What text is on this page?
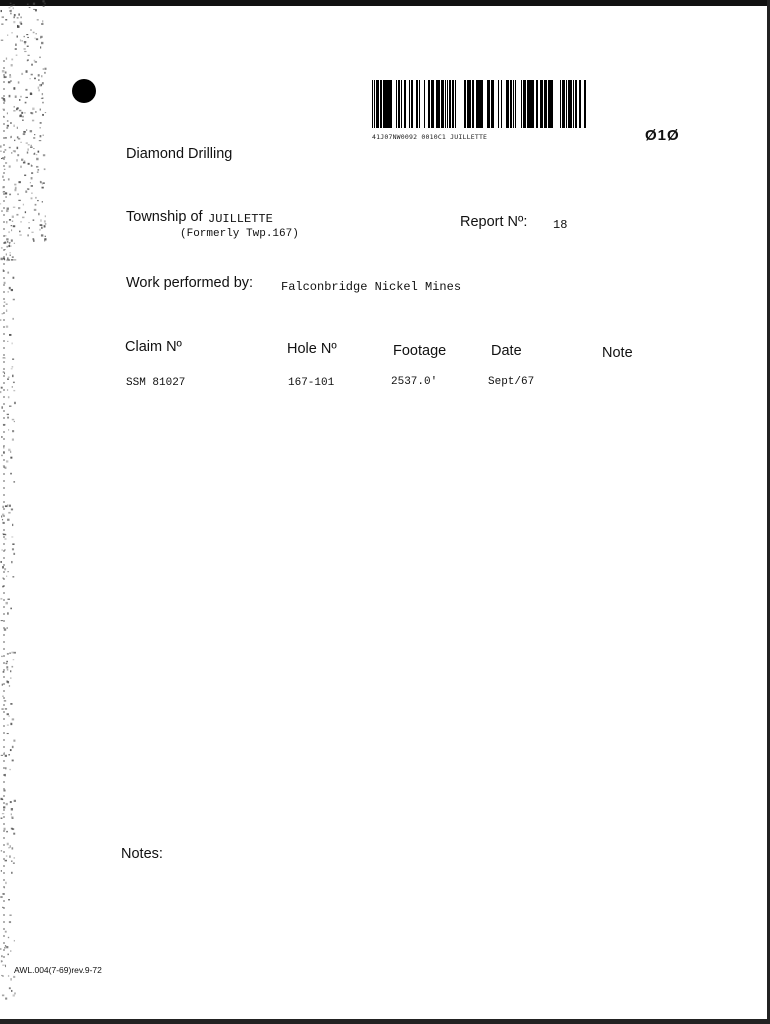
41J07NW0092 0010C1 JUILLETTE	Ø1Ø
Diamond Drilling
Township of JUILLETTE
(Formerly Twp.167)
Report Nº: 18
Work performed by: Falconbridge Nickel Mines
Claim Nº	Hole Nº	Footage	Date	Note
SSM 81027	167-101	2537.0'	Sept/67
Notes:
AWL.004(7-69)rev.9-72
